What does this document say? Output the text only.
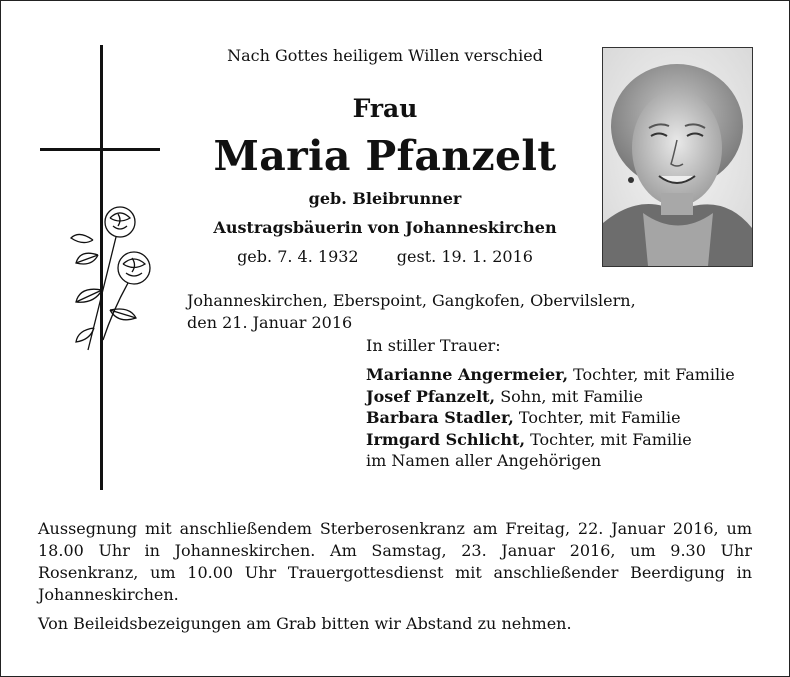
Nach Gottes heiligem Willen verschied
Frau
Maria Pfanzelt
geb. Bleibrunner
Austragsbäuerin von Johanneskirchen
geb. 7. 4. 1932 gest. 19. 1. 2016
Johanneskirchen, Eberspoint, Gangkofen, Obervilslern,
den 21. Januar 2016
In stiller Trauer:
Marianne Angermeier, Tochter, mit Familie
Josef Pfanzelt, Sohn, mit Familie
Barbara Stadler, Tochter, mit Familie
Irmgard Schlicht, Tochter, mit Familie
im Namen aller Angehörigen
Aussegnung mit anschließendem Sterberosenkranz am Freitag, 22. Januar 2016, um 18.00 Uhr in Johanneskirchen. Am Samstag, 23. Januar 2016, um 9.30 Uhr Rosenkranz, um 10.00 Uhr Trauergottesdienst mit anschließender Beerdigung in Johanneskirchen.
Von Beileidsbezeigungen am Grab bitten wir Abstand zu nehmen.
